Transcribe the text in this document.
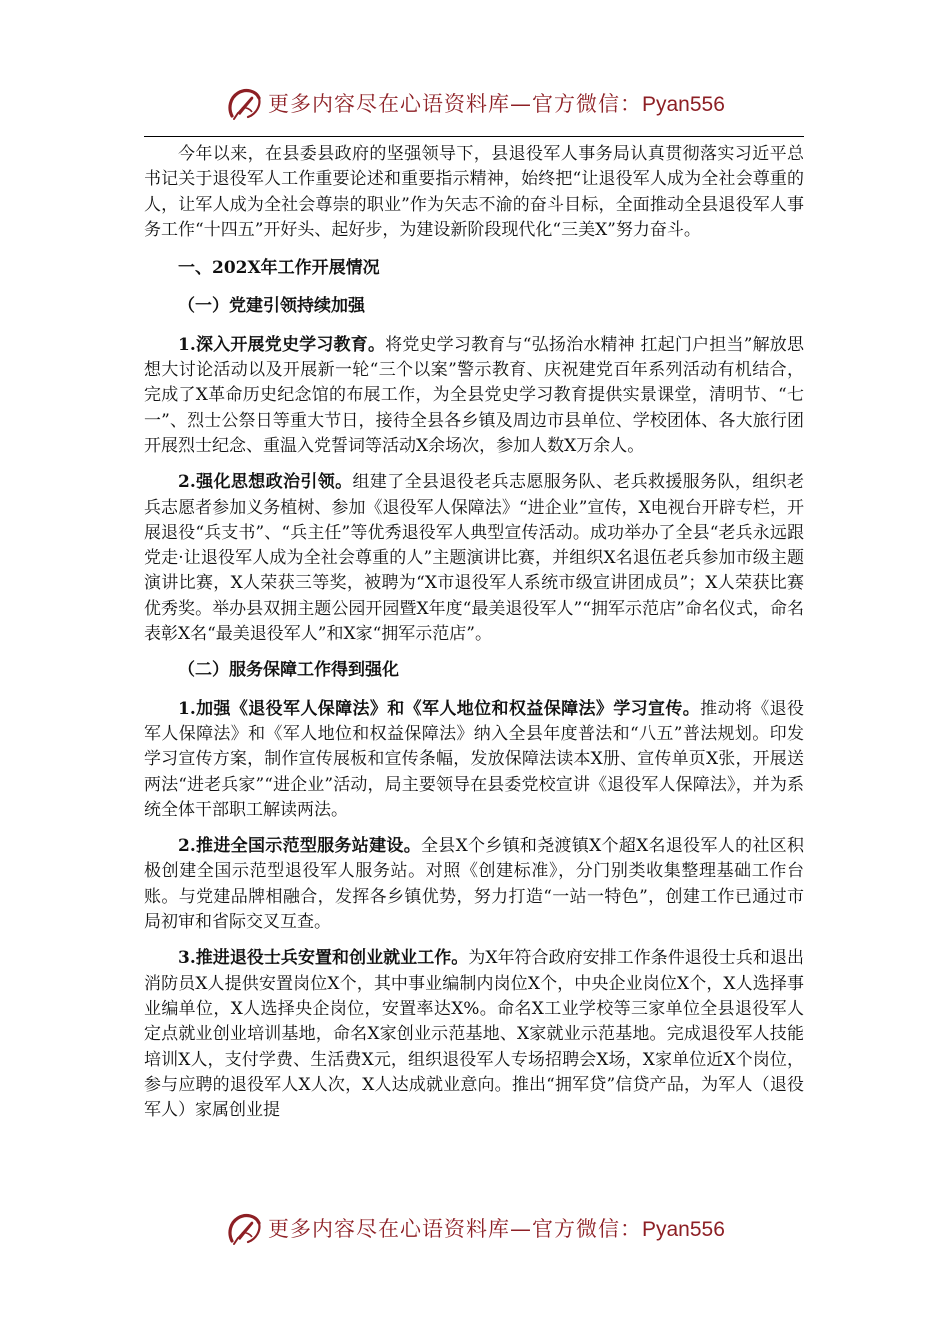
更多内容尽在心语资料库—官方微信：Pyan556

今年以来，在县委县政府的坚强领导下，县退役军人事务局认真贯彻落实习近平总书记关于退役军人工作重要论述和重要指示精神，始终把“让退役军人成为全社会尊重的人，让军人成为全社会尊崇的职业”作为矢志不渝的奋斗目标，全面推动全县退役军人事务工作“十四五”开好头、起好步，为建设新阶段现代化“三美X”努力奋斗。

一、202X年工作开展情况

（一）党建引领持续加强

1.深入开展党史学习教育。将党史学习教育与“弘扬治水精神 扛起门户担当”解放思想大讨论活动以及开展新一轮“三个以案”警示教育、庆祝建党百年系列活动有机结合，完成了X革命历史纪念馆的布展工作，为全县党史学习教育提供实景课堂，清明节、“七一”、烈士公祭日等重大节日，接待全县各乡镇及周边市县单位、学校团体、各大旅行团开展烈士纪念、重温入党誓词等活动X余场次，参加人数X万余人。

2.强化思想政治引领。组建了全县退役老兵志愿服务队、老兵救援服务队，组织老兵志愿者参加义务植树、参加《退役军人保障法》“进企业”宣传，X电视台开辟专栏，开展退役“兵支书”、“兵主任”等优秀退役军人典型宣传活动。成功举办了全县“老兵永远跟党走·让退役军人成为全社会尊重的人”主题演讲比赛，并组织X名退伍老兵参加市级主题演讲比赛，X人荣获三等奖，被聘为“X市退役军人系统市级宣讲团成员”；X人荣获比赛优秀奖。举办县双拥主题公园开园暨X年度“最美退役军人”“拥军示范店”命名仪式，命名表彰X名“最美退役军人”和X家“拥军示范店”。

（二）服务保障工作得到强化

1.加强《退役军人保障法》和《军人地位和权益保障法》学习宣传。推动将《退役军人保障法》和《军人地位和权益保障法》纳入全县年度普法和“八五”普法规划。印发学习宣传方案，制作宣传展板和宣传条幅，发放保障法读本X册、宣传单页X张，开展送两法“进老兵家”“进企业”活动，局主要领导在县委党校宣讲《退役军人保障法》，并为系统全体干部职工解读两法。

2.推进全国示范型服务站建设。全县X个乡镇和尧渡镇X个超X名退役军人的社区积极创建全国示范型退役军人服务站。对照《创建标准》，分门别类收集整理基础工作台账。与党建品牌相融合，发挥各乡镇优势，努力打造“一站一特色”，创建工作已通过市局初审和省际交叉互查。

3.推进退役士兵安置和创业就业工作。为X年符合政府安排工作条件退役士兵和退出消防员X人提供安置岗位X个，其中事业编制内岗位X个，中央企业岗位X个，X人选择事业编单位，X人选择央企岗位，安置率达X%。命名X工业学校等三家单位全县退役军人定点就业创业培训基地，命名X家创业示范基地、X家就业示范基地。完成退役军人技能培训X人，支付学费、生活费X元，组织退役军人专场招聘会X场，X家单位近X个岗位，参与应聘的退役军人X人次，X人达成就业意向。推出“拥军贷”信贷产品，为军人（退役军人）家属创业提

更多内容尽在心语资料库—官方微信：Pyan556
